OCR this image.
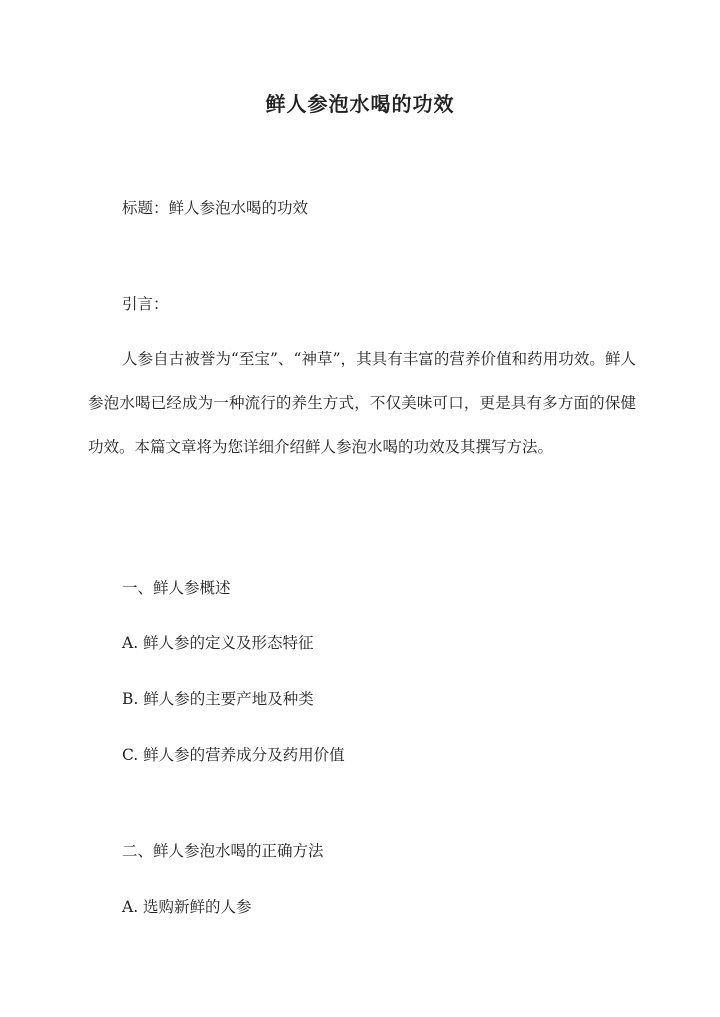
鲜人参泡水喝的功效
标题：鲜人参泡水喝的功效
引言：
人参自古被誉为“至宝”、“神草”，其具有丰富的营养价值和药用功效。鲜人参泡水喝已经成为一种流行的养生方式，不仅美味可口，更是具有多方面的保健功效。本篇文章将为您详细介绍鲜人参泡水喝的功效及其撰写方法。
一、鲜人参概述
A. 鲜人参的定义及形态特征
B. 鲜人参的主要产地及种类
C. 鲜人参的营养成分及药用价值
二、鲜人参泡水喝的正确方法
A. 选购新鲜的人参
